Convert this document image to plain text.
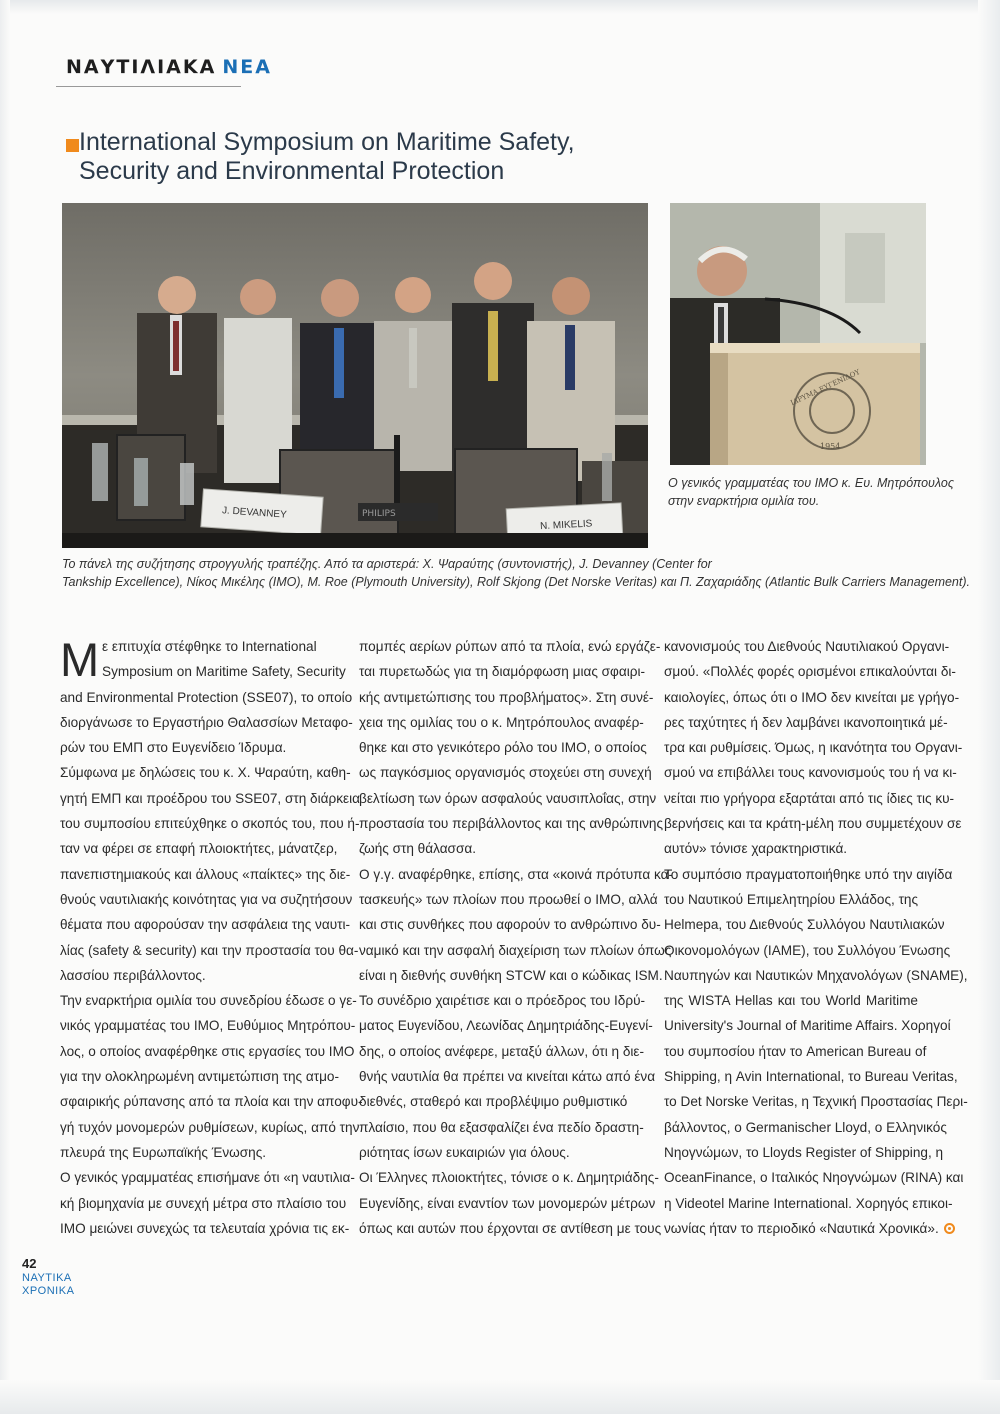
ΝΑΥΤΙΛΙΑΚΑ ΝΕΑ
International Symposium on Maritime Safety,
Security and Environmental Protection
PHILIPS
J. DEVANNEY
N. MIKELIS
ΙΔΡΥΜΑ ΕΥΓΕΝΙΔΟΥ
1954
Ο γενικός γραμματέας του ΙΜΟ κ. Ευ. Μητρόπουλος
στην εναρκτήρια ομιλία του.
Το πάνελ της συζήτησης στρογγυλής τραπέζης. Από τα αριστερά: Χ. Ψαραύτης (συντονιστής), J. Devanney (Center for
Tankship Excellence), Νίκος Μικέλης (ΙΜΟ), M. Roe (Plymouth University), Rolf Skjong (Det Norske Veritas) και Π. Ζαχαριάδης (Atlantic Bulk Carriers Management).
Μ ε επιτυχία στέφθηκε το International
Symposium on Maritime Safety, Security
and Environmental Protection (SSE07), το οποίο
διοργάνωσε το Εργαστήριο Θαλασσίων Μεταφο-
ρών του ΕΜΠ στο Ευγενίδειο Ίδρυμα.
Σύμφωνα με δηλώσεις του κ. Χ. Ψαραύτη, καθη-
γητή ΕΜΠ και προέδρου του SSE07, στη διάρκεια
του συμποσίου επιτεύχθηκε ο σκοπός του, που ή-
ταν να φέρει σε επαφή πλοιοκτήτες, μάνατζερ,
πανεπιστημιακούς και άλλους «παίκτες» της διε-
θνούς ναυτιλιακής κοινότητας για να συζητήσουν
θέματα που αφορούσαν την ασφάλεια της ναυτι-
λίας (safety & security) και την προστασία του θα-
λασσίου περιβάλλοντος.
Την εναρκτήρια ομιλία του συνεδρίου έδωσε ο γε-
νικός γραμματέας του ΙΜΟ, Ευθύμιος Μητρόπου-
λος, ο οποίος αναφέρθηκε στις εργασίες του ΙΜΟ
για την ολοκληρωμένη αντιμετώπιση της ατμο-
σφαιρικής ρύπανσης από τα πλοία και την αποφυ-
γή τυχόν μονομερών ρυθμίσεων, κυρίως, από την
πλευρά της Ευρωπαϊκής Ένωσης.
Ο γενικός γραμματέας επισήμανε ότι «η ναυτιλια-
κή βιομηχανία με συνεχή μέτρα στο πλαίσιο του
ΙΜΟ μειώνει συνεχώς τα τελευταία χρόνια τις εκ-
πομπές αερίων ρύπων από τα πλοία, ενώ εργάζε-
ται πυρετωδώς για τη διαμόρφωση μιας σφαιρι-
κής αντιμετώπισης του προβλήματος». Στη συνέ-
χεια της ομιλίας του ο κ. Μητρόπουλος αναφέρ-
θηκε και στο γενικότερο ρόλο του ΙΜΟ, ο οποίος
ως παγκόσμιος οργανισμός στοχεύει στη συνεχή
βελτίωση των όρων ασφαλούς ναυσιπλοΐας, στην
προστασία του περιβάλλοντος και της ανθρώπινης
ζωής στη θάλασσα.
Ο γ.γ. αναφέρθηκε, επίσης, στα «κοινά πρότυπα κα-
τασκευής» των πλοίων που προωθεί ο ΙΜΟ, αλλά
και στις συνθήκες που αφορούν το ανθρώπινο δυ-
ναμικό και την ασφαλή διαχείριση των πλοίων όπως
είναι η διεθνής συνθήκη STCW και ο κώδικας ISM.
Το συνέδριο χαιρέτισε και ο πρόεδρος του Ιδρύ-
ματος Ευγενίδου, Λεωνίδας Δημητριάδης-Ευγενί-
δης, ο οποίος ανέφερε, μεταξύ άλλων, ότι η διε-
θνής ναυτιλία θα πρέπει να κινείται κάτω από ένα
διεθνές, σταθερό και προβλέψιμο ρυθμιστικό
πλαίσιο, που θα εξασφαλίζει ένα πεδίο δραστη-
ριότητας ίσων ευκαιριών για όλους.
Οι Έλληνες πλοιοκτήτες, τόνισε ο κ. Δημητριάδης-
Ευγενίδης, είναι εναντίον των μονομερών μέτρων
όπως και αυτών που έρχονται σε αντίθεση με τους
κανονισμούς του Διεθνούς Ναυτιλιακού Οργανι-
σμού. «Πολλές φορές ορισμένοι επικαλούνται δι-
καιολογίες, όπως ότι ο ΙΜΟ δεν κινείται με γρήγο-
ρες ταχύτητες ή δεν λαμβάνει ικανοποιητικά μέ-
τρα και ρυθμίσεις. Όμως, η ικανότητα του Οργανι-
σμού να επιβάλλει τους κανονισμούς του ή να κι-
νείται πιο γρήγορα εξαρτάται από τις ίδιες τις κυ-
βερνήσεις και τα κράτη-μέλη που συμμετέχουν σε
αυτόν» τόνισε χαρακτηριστικά.
Το συμπόσιο πραγματοποιήθηκε υπό την αιγίδα
του Ναυτικού Επιμελητηρίου Ελλάδος, της
Helmepa, του Διεθνούς Συλλόγου Ναυτιλιακών
Οικονομολόγων (IAME), του Συλλόγου Ένωσης
Ναυπηγών και Ναυτικών Μηχανολόγων (SNAME),
της WISTA Hellas και του World Maritime
University's Journal of Maritime Affairs. Χορηγοί
του συμποσίου ήταν το American Bureau of
Shipping, η Avin International, το Bureau Veritas,
το Det Norske Veritas, η Τεχνική Προστασίας Περι-
βάλλοντος, ο Germanischer Lloyd, ο Ελληνικός
Νηογνώμων, το Lloyds Register of Shipping, η
OceanFinance, ο Ιταλικός Νηογνώμων (RINA) και
η Videotel Marine International. Χορηγός επικοι-
νωνίας ήταν το περιοδικό «Ναυτικά Χρονικά».
42
ΝΑΥΤΙΚΑ
ΧΡΟΝΙΚΑ
